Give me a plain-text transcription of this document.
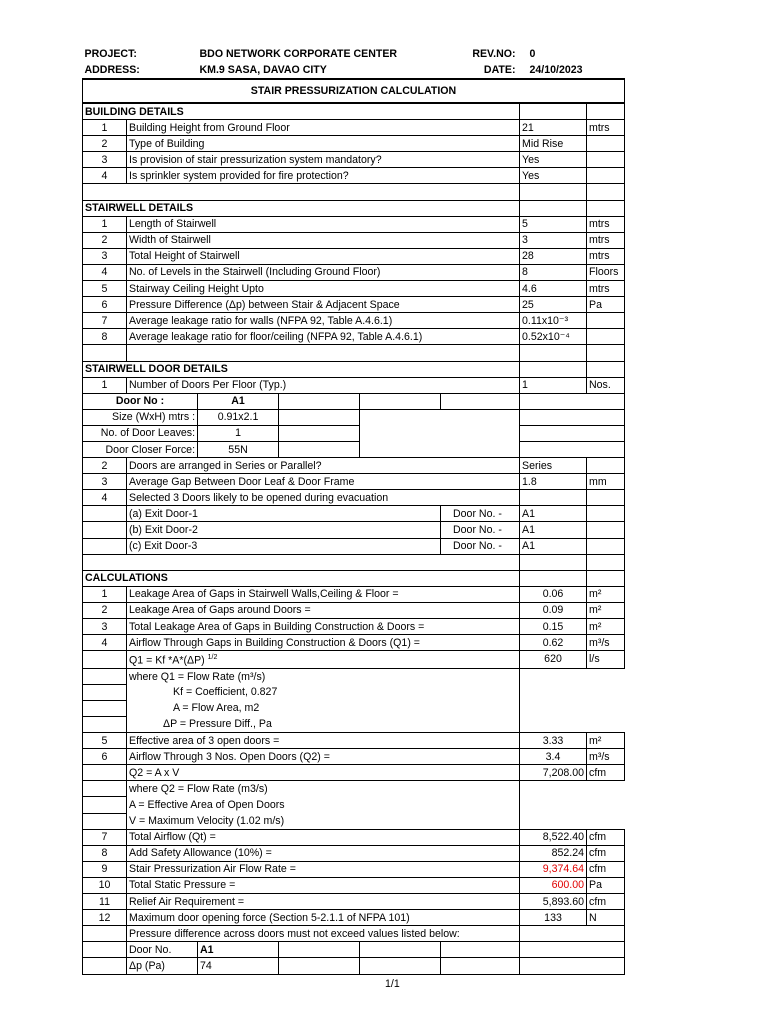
PROJECT:		BDO NETWORK CORPORATE CENTER			REV.NO:	0	
ADDRESS:		KM.9 SASA, DAVAO CITY			DATE:	24/10/2023	
STAIR PRESSURIZATION CALCULATION							
BUILDING DETAILS							
1	Building Height from Ground Floor					21	mtrs
2	Type of Building					Mid Rise	
3	Is provision of stair pressurization system mandatory?					Yes	
4	Is sprinkler system provided for fire protection?					Yes	

STAIRWELL DETAILS							
1	Length of Stairwell					5	mtrs
2	Width of Stairwell					3	mtrs
3	Total Height of Stairwell					28	mtrs
4	No. of Levels in the Stairwell (Including Ground Floor)					8	Floors
5	Stairway Ceiling Height Upto					4.6	mtrs
6	Pressure Difference (Δp) between Stair & Adjacent Space					25	Pa
7	Average leakage ratio for walls (NFPA 92, Table A.4.6.1)					0.11x10⁻³	
8	Average leakage ratio for floor/ceiling (NFPA 92, Table A.4.6.1)					0.52x10⁻⁴	

STAIRWELL DOOR DETAILS							
1	Number of Doors Per Floor (Typ.)					1	Nos.
Door No :		A1					
Size (WxH) mtrs :		0.91x2.1					
No. of Door Leaves:		1					
Door Closer Force:		55N					
2	Doors are arranged in Series or Parallel?					Series	
3	Average Gap Between Door Leaf & Door Frame					1.8	mm
4	Selected 3 Doors likely to be opened during evacuation						
	(a) Exit Door-1				Door No. -	A1	
	(b) Exit Door-2				Door No. -	A1	
	(c) Exit Door-3				Door No. -	A1	

CALCULATIONS							
1	Leakage Area of Gaps in Stairwell Walls,Ceiling & Floor =					0.06	m²
2	Leakage Area of Gaps around Doors =					0.09	m²
3	Total Leakage Area of Gaps in Building Construction & Doors =					0.15	m²
4	Airflow Through Gaps in Building Construction & Doors (Q1) =					0.62	m³/s
	Q1 = Kf *A*(ΔP) $^{1/2}$					620	l/s
	where Q1 = Flow Rate (m³/s)						
	Kf = Coefficient, 0.827						
	A = Flow Area, m2						
	ΔP = Pressure Diff., Pa						
5	Effective area of 3 open doors =					3.33	m²
6	Airflow Through 3 Nos. Open Doors (Q2) =					3.4	m³/s
	Q2 = A x V					7,208.00	cfm
	where Q2 = Flow Rate (m3/s)						
	A = Effective Area of Open Doors						
	V = Maximum Velocity (1.02 m/s)						
7	Total Airflow (Qt) =					8,522.40	cfm
8	Add Safety Allowance (10%) =					852.24	cfm
9	Stair Pressurization Air Flow Rate =					9,374.64	cfm
10	Total Static Pressure =					600.00	Pa
11	Relief Air Requirement =					5,893.60	cfm
12	Maximum door opening force (Section 5-2.1.1 of NFPA 101)					133	N
	Pressure difference across doors must not exceed values listed below:						
	Door No.	A1					
	Δp (Pa)	74					
1/1
